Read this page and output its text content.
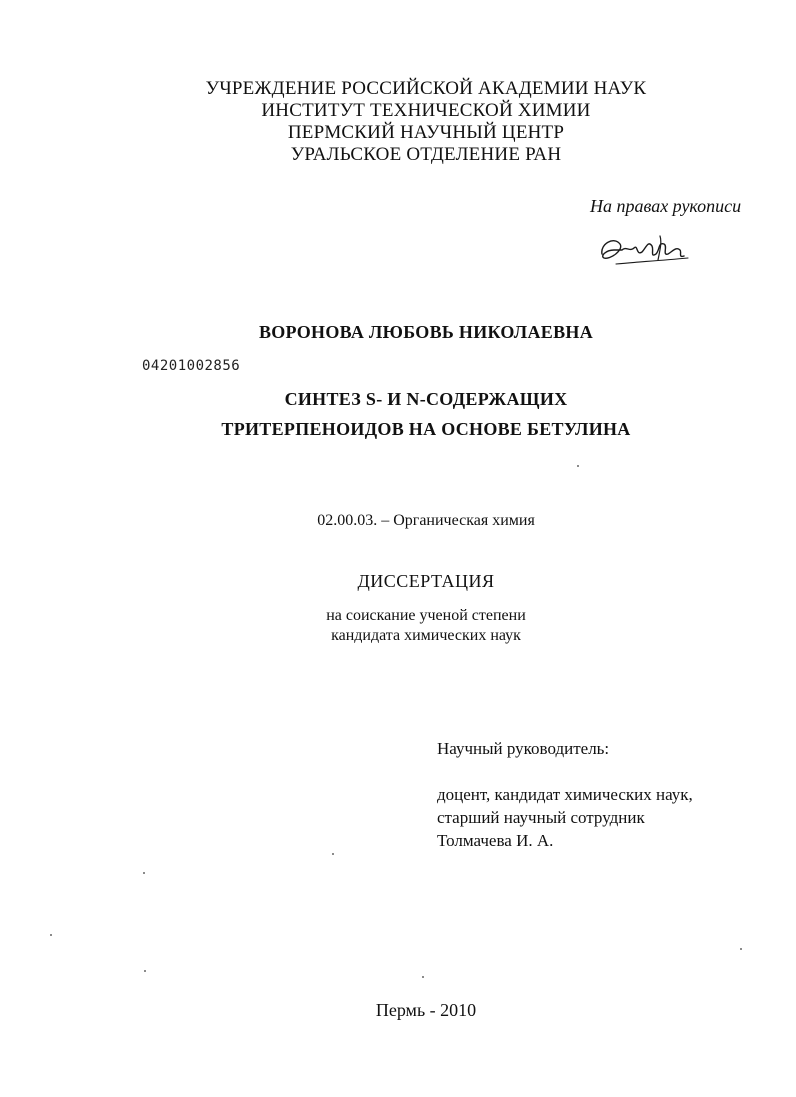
УЧРЕЖДЕНИЕ РОССИЙСКОЙ АКАДЕМИИ НАУК
ИНСТИТУТ ТЕХНИЧЕСКОЙ ХИМИИ
ПЕРМСКИЙ НАУЧНЫЙ ЦЕНТР
УРАЛЬСКОЕ ОТДЕЛЕНИЕ РАН
На правах рукописи
ВОРОНОВА ЛЮБОВЬ НИКОЛАЕВНА
04201002856
СИНТЕЗ S- И N-СОДЕРЖАЩИХ
ТРИТЕРПЕНОИДОВ НА ОСНОВЕ БЕТУЛИНА
02.00.03. – Органическая химия
ДИССЕРТАЦИЯ
на соискание ученой степени
кандидата химических наук
Научный руководитель:
доцент, кандидат химических наук,
старший научный сотрудник
Толмачева И. А.
Пермь - 2010
